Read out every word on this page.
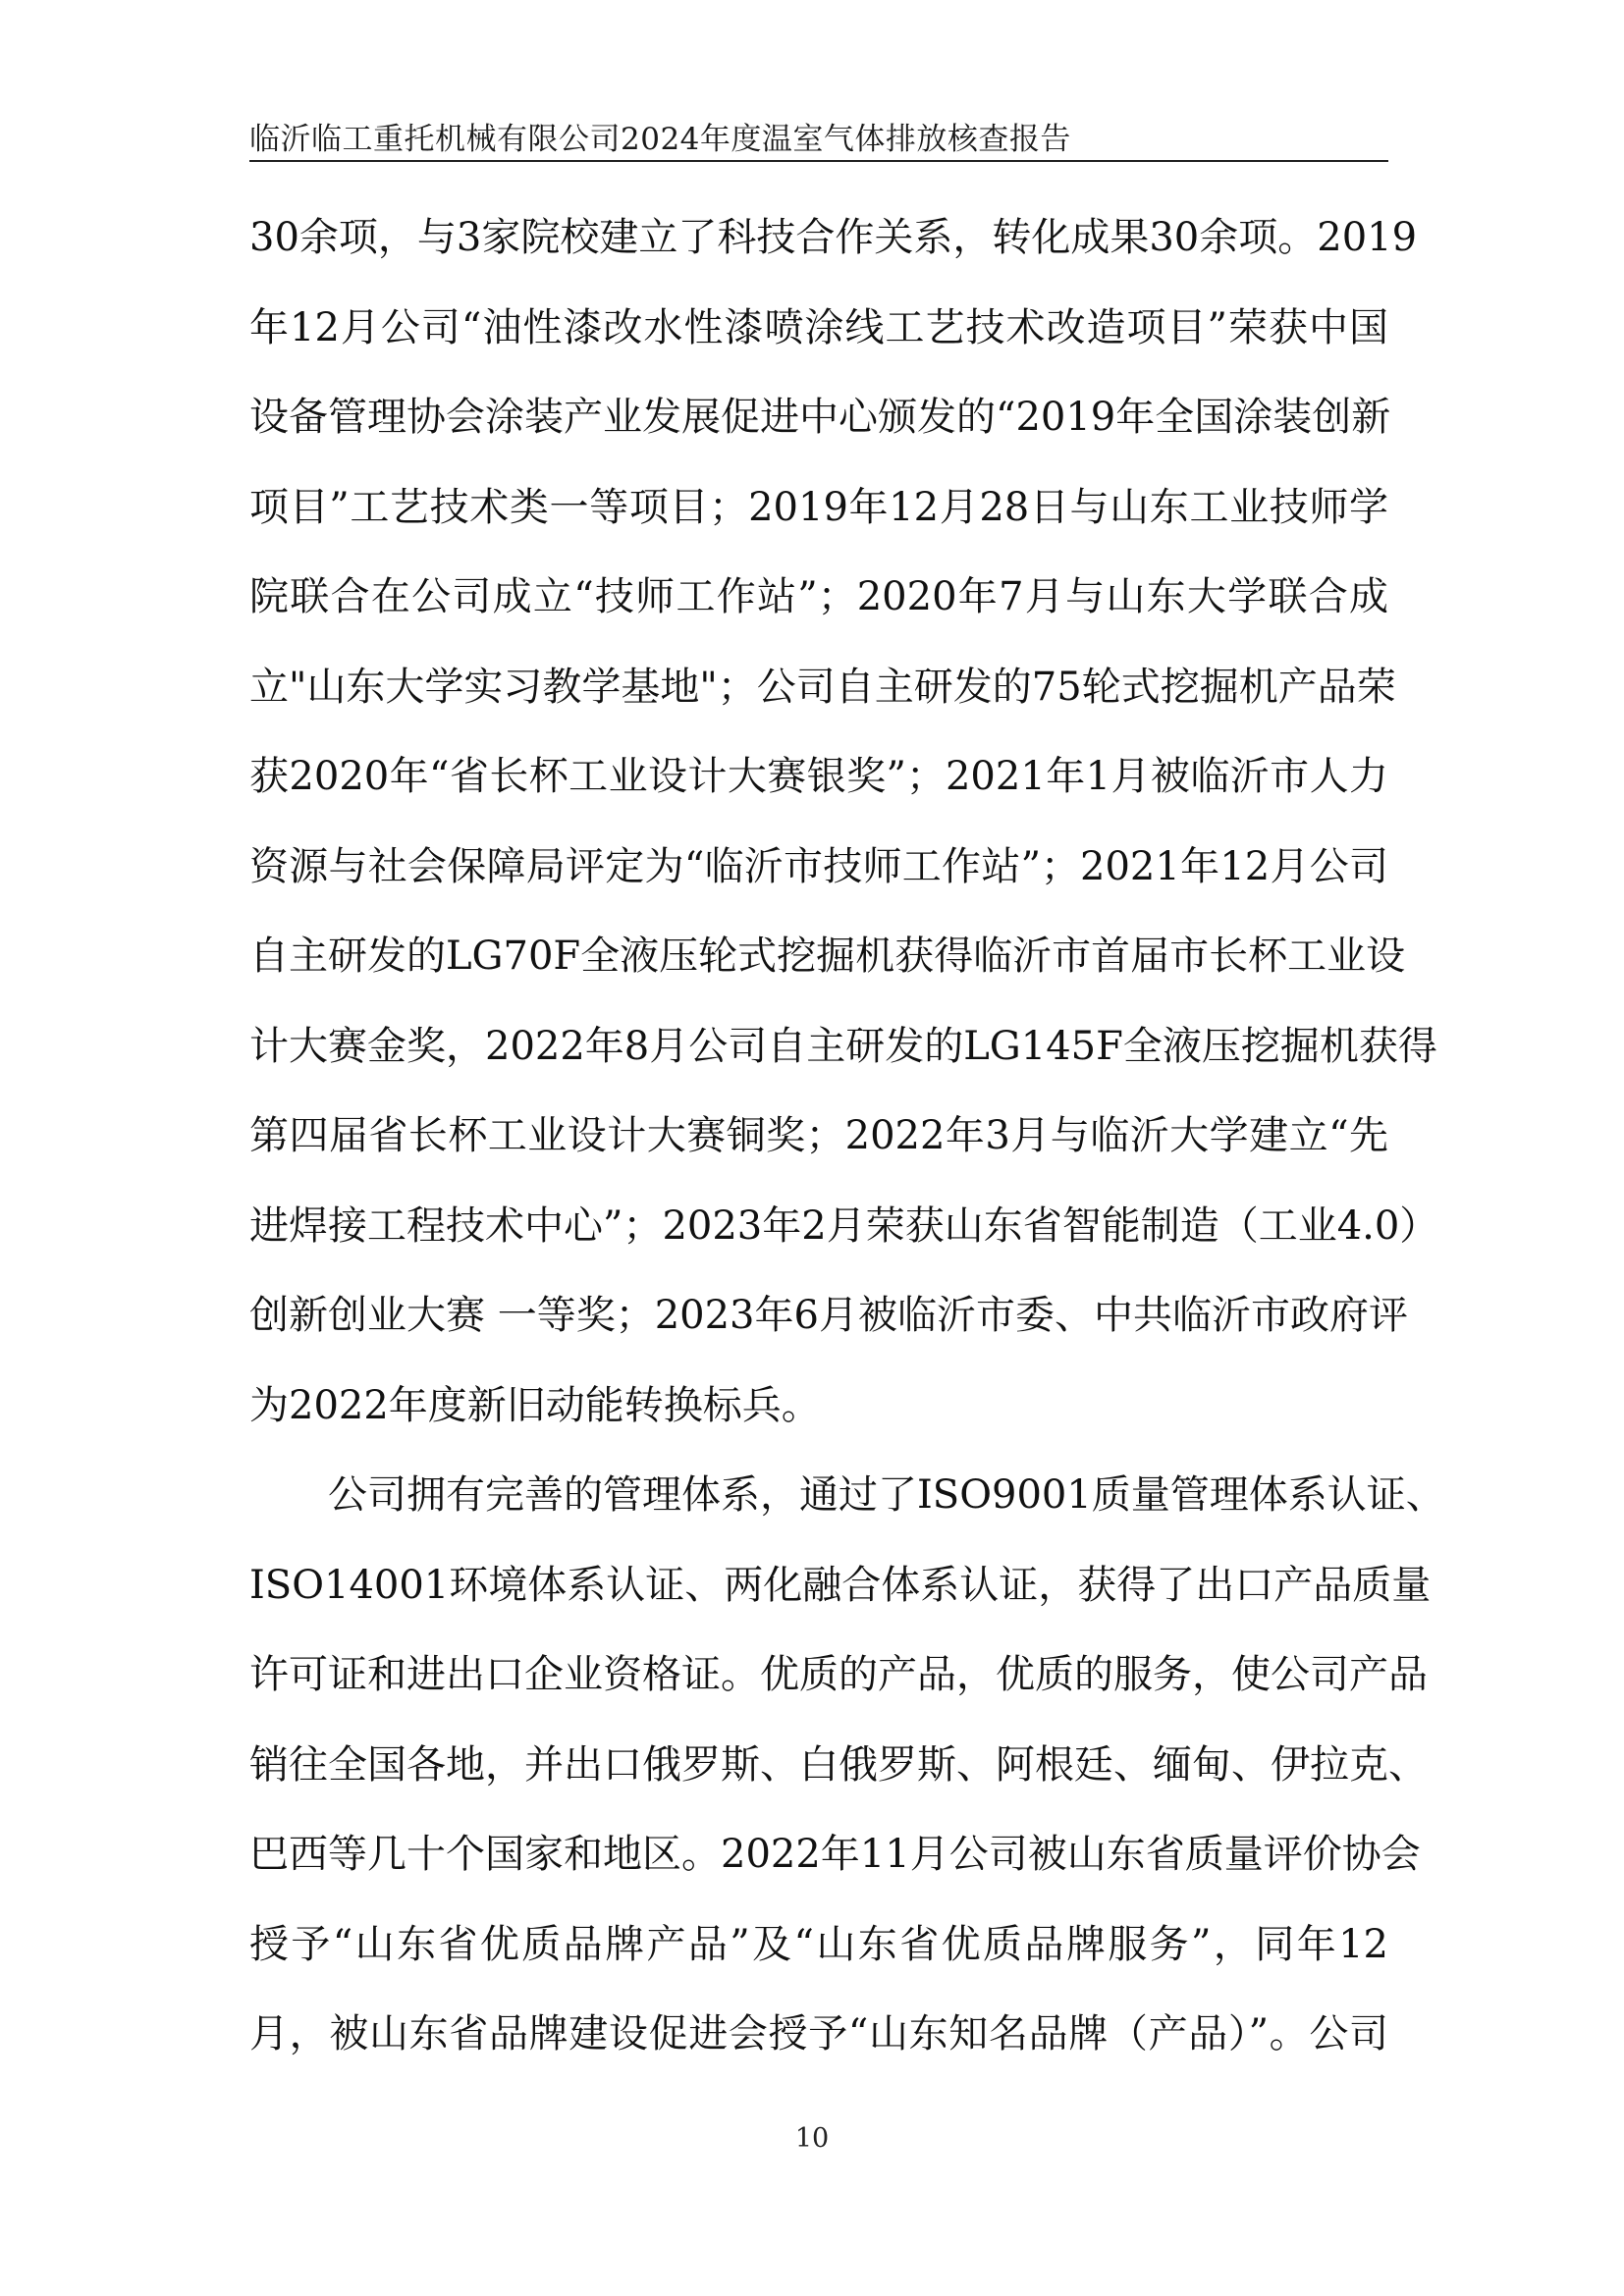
临沂临工重托机械有限公司2024年度温室气体排放核查报告
30余项，与3家院校建立了科技合作关系，转化成果30余项。2019
年12月公司“油性漆改水性漆喷涂线工艺技术改造项目”荣获中国
设备管理协会涂装产业发展促进中心颁发的“2019年全国涂装创新
项目”工艺技术类一等项目；2019年12月28日与山东工业技师学
院联合在公司成立“技师工作站”；2020年7月与山东大学联合成
立"山东大学实习教学基地"；公司自主研发的75轮式挖掘机产品荣
获2020年“省长杯工业设计大赛银奖”；2021年1月被临沂市人力
资源与社会保障局评定为“临沂市技师工作站”；2021年12月公司
自主研发的LG70F全液压轮式挖掘机获得临沂市首届市长杯工业设
计大赛金奖，2022年8月公司自主研发的LG145F全液压挖掘机获得
第四届省长杯工业设计大赛铜奖；2022年3月与临沂大学建立“先
进焊接工程技术中心”；2023年2月荣获山东省智能制造（工业4.0）
创新创业大赛 一等奖；2023年6月被临沂市委、中共临沂市政府评
为2022年度新旧动能转换标兵。
公司拥有完善的管理体系，通过了ISO9001质量管理体系认证、
ISO14001环境体系认证、两化融合体系认证，获得了出口产品质量
许可证和进出口企业资格证。优质的产品，优质的服务，使公司产品
销往全国各地，并出口俄罗斯、白俄罗斯、阿根廷、缅甸、伊拉克、
巴西等几十个国家和地区。2022年11月公司被山东省质量评价协会
授予“山东省优质品牌产品”及“山东省优质品牌服务”，同年12
月，被山东省品牌建设促进会授予“山东知名品牌（产品）”。公司
10
